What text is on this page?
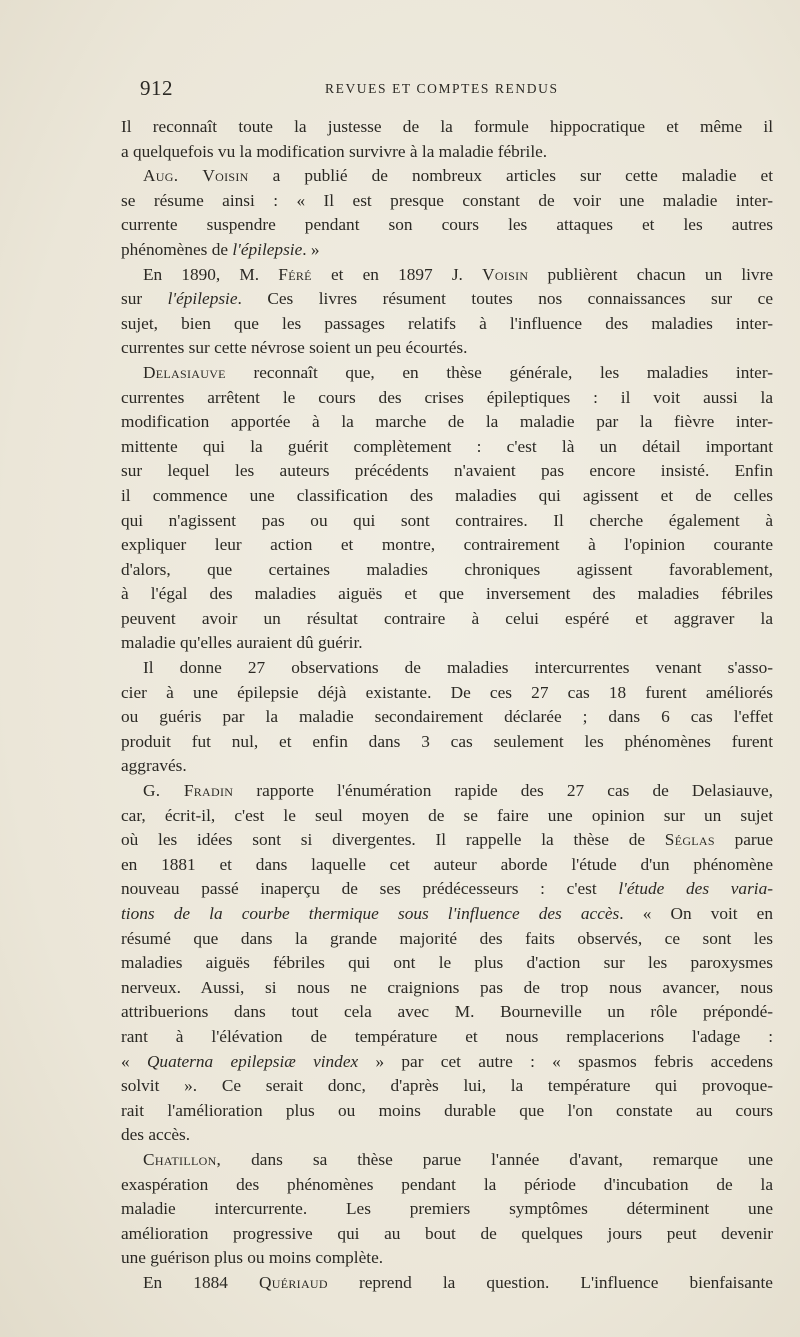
912	REVUES ET COMPTES RENDUS
Il reconnaît toute la justesse de la formule hippocratique et même il
a quelquefois vu la modification survivre à la maladie fébrile.
Aug. Voisin a publié de nombreux articles sur cette maladie et
se résume ainsi : « Il est presque constant de voir une maladie inter-
currente suspendre pendant son cours les attaques et les autres
phénomènes de l'épilepsie. »
En 1890, M. Féré et en 1897 J. Voisin publièrent chacun un livre
sur l'épilepsie. Ces livres résument toutes nos connaissances sur ce
sujet, bien que les passages relatifs à l'influence des maladies inter-
currentes sur cette névrose soient un peu écourtés.
Delasiauve reconnaît que, en thèse générale, les maladies inter-
currentes arrêtent le cours des crises épileptiques : il voit aussi la
modification apportée à la marche de la maladie par la fièvre inter-
mittente qui la guérit complètement : c'est là un détail important
sur lequel les auteurs précédents n'avaient pas encore insisté. Enfin
il commence une classification des maladies qui agissent et de celles
qui n'agissent pas ou qui sont contraires. Il cherche également à
expliquer leur action et montre, contrairement à l'opinion courante
d'alors, que certaines maladies chroniques agissent favorablement,
à l'égal des maladies aiguës et que inversement des maladies fébriles
peuvent avoir un résultat contraire à celui espéré et aggraver la
maladie qu'elles auraient dû guérir.
Il donne 27 observations de maladies intercurrentes venant s'asso-
cier à une épilepsie déjà existante. De ces 27 cas 18 furent améliorés
ou guéris par la maladie secondairement déclarée ; dans 6 cas l'effet
produit fut nul, et enfin dans 3 cas seulement les phénomènes furent
aggravés.
G. Fradin rapporte l'énumération rapide des 27 cas de Delasiauve,
car, écrit-il, c'est le seul moyen de se faire une opinion sur un sujet
où les idées sont si divergentes. Il rappelle la thèse de Séglas parue
en 1881 et dans laquelle cet auteur aborde l'étude d'un phénomène
nouveau passé inaperçu de ses prédécesseurs : c'est l'étude des varia-
tions de la courbe thermique sous l'influence des accès. « On voit en
résumé que dans la grande majorité des faits observés, ce sont les
maladies aiguës fébriles qui ont le plus d'action sur les paroxysmes
nerveux. Aussi, si nous ne craignions pas de trop nous avancer, nous
attribuerions dans tout cela avec M. Bourneville un rôle prépondé-
rant à l'élévation de température et nous remplacerions l'adage :
« Quaterna epilepsiæ vindex » par cet autre : « spasmos febris accedens
solvit ». Ce serait donc, d'après lui, la température qui provoque-
rait l'amélioration plus ou moins durable que l'on constate au cours
des accès.
Chatillon, dans sa thèse parue l'année d'avant, remarque une
exaspération des phénomènes pendant la période d'incubation de la
maladie intercurrente. Les premiers symptômes déterminent une
amélioration progressive qui au bout de quelques jours peut devenir
une guérison plus ou moins complète.
En 1884 Quériaud reprend la question. L'influence bienfaisante
